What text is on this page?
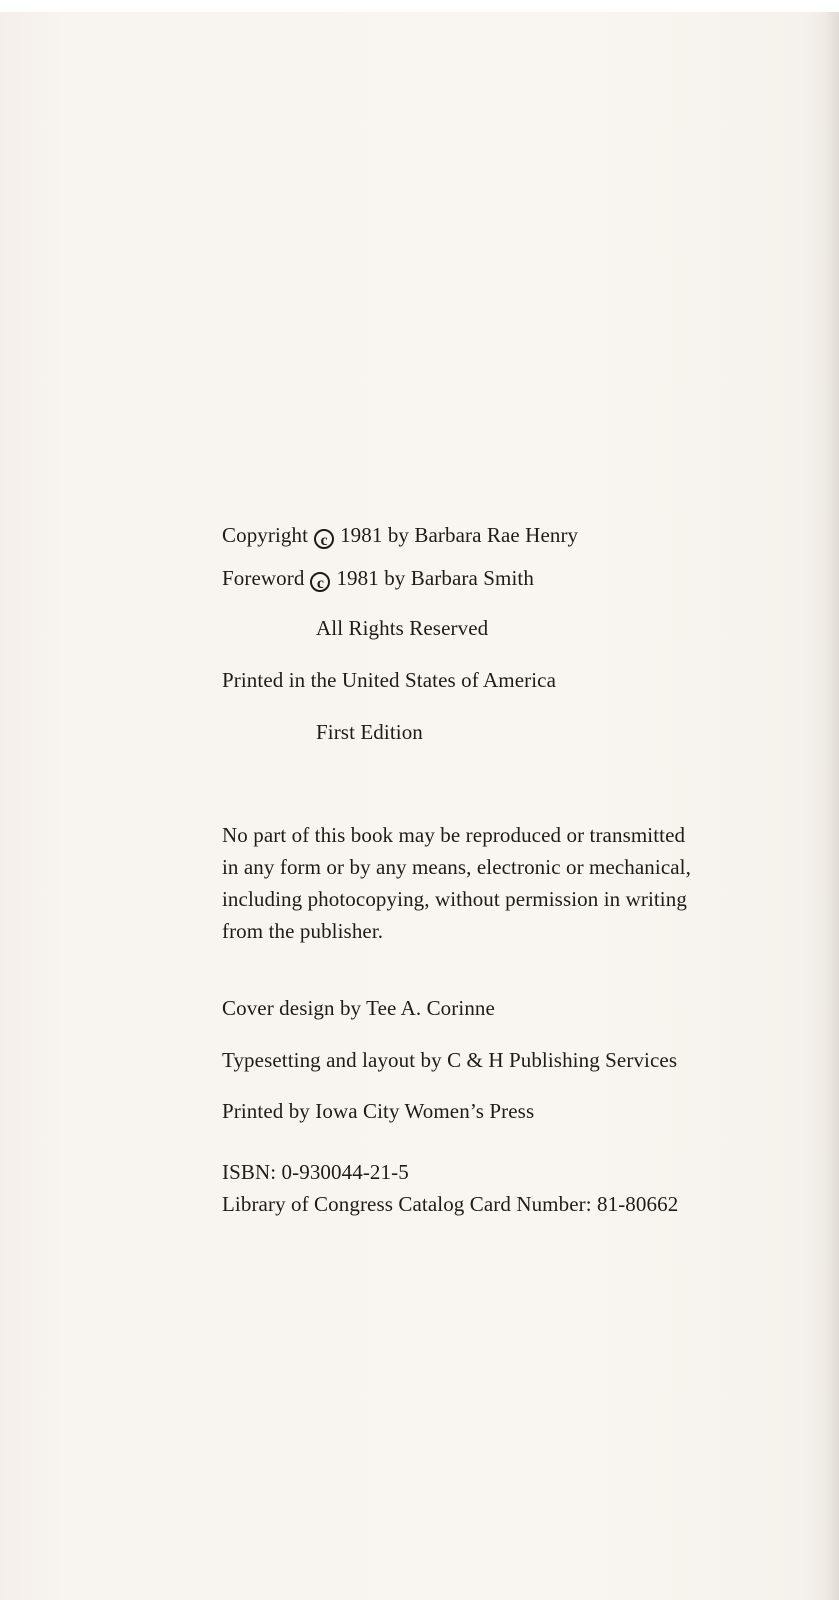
Copyright c 1981 by Barbara Rae Henry
Foreword c 1981 by Barbara Smith
All Rights Reserved
Printed in the United States of America
First Edition
No part of this book may be reproduced or transmitted
in any form or by any means, electronic or mechanical,
including photocopying, without permission in writing
from the publisher.
Cover design by Tee A. Corinne
Typesetting and layout by C & H Publishing Services
Printed by Iowa City Women’s Press
ISBN: 0-930044-21-5
Library of Congress Catalog Card Number: 81-80662
